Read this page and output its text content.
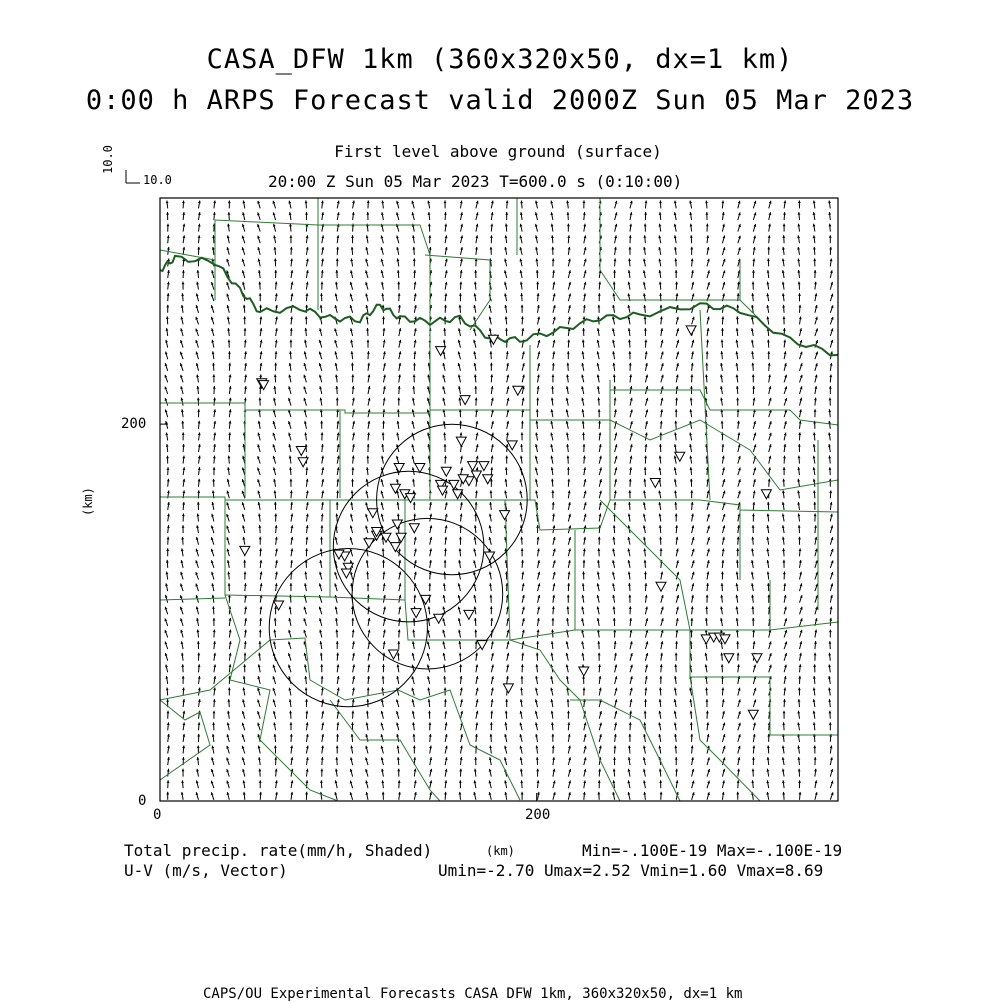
CASA_DFW 1km (360x320x50, dx=1 km)
0:00 h ARPS Forecast valid 2000Z Sun 05 Mar 2023
First level above ground (surface)
20:00 Z Sun 05 Mar 2023 T=600.0 s (0:10:00)
10.0
10.0
200
0
0	200
(km)
(km)
Total precip. rate(mm/h, Shaded)	Min=-.100E-19 Max=-.100E-19
U-V (m/s, Vector)	Umin=-2.70 Umax=2.52 Vmin=1.60 Vmax=8.69
CAPS/OU Experimental Forecasts CASA DFW 1km, 360x320x50, dx=1 km
